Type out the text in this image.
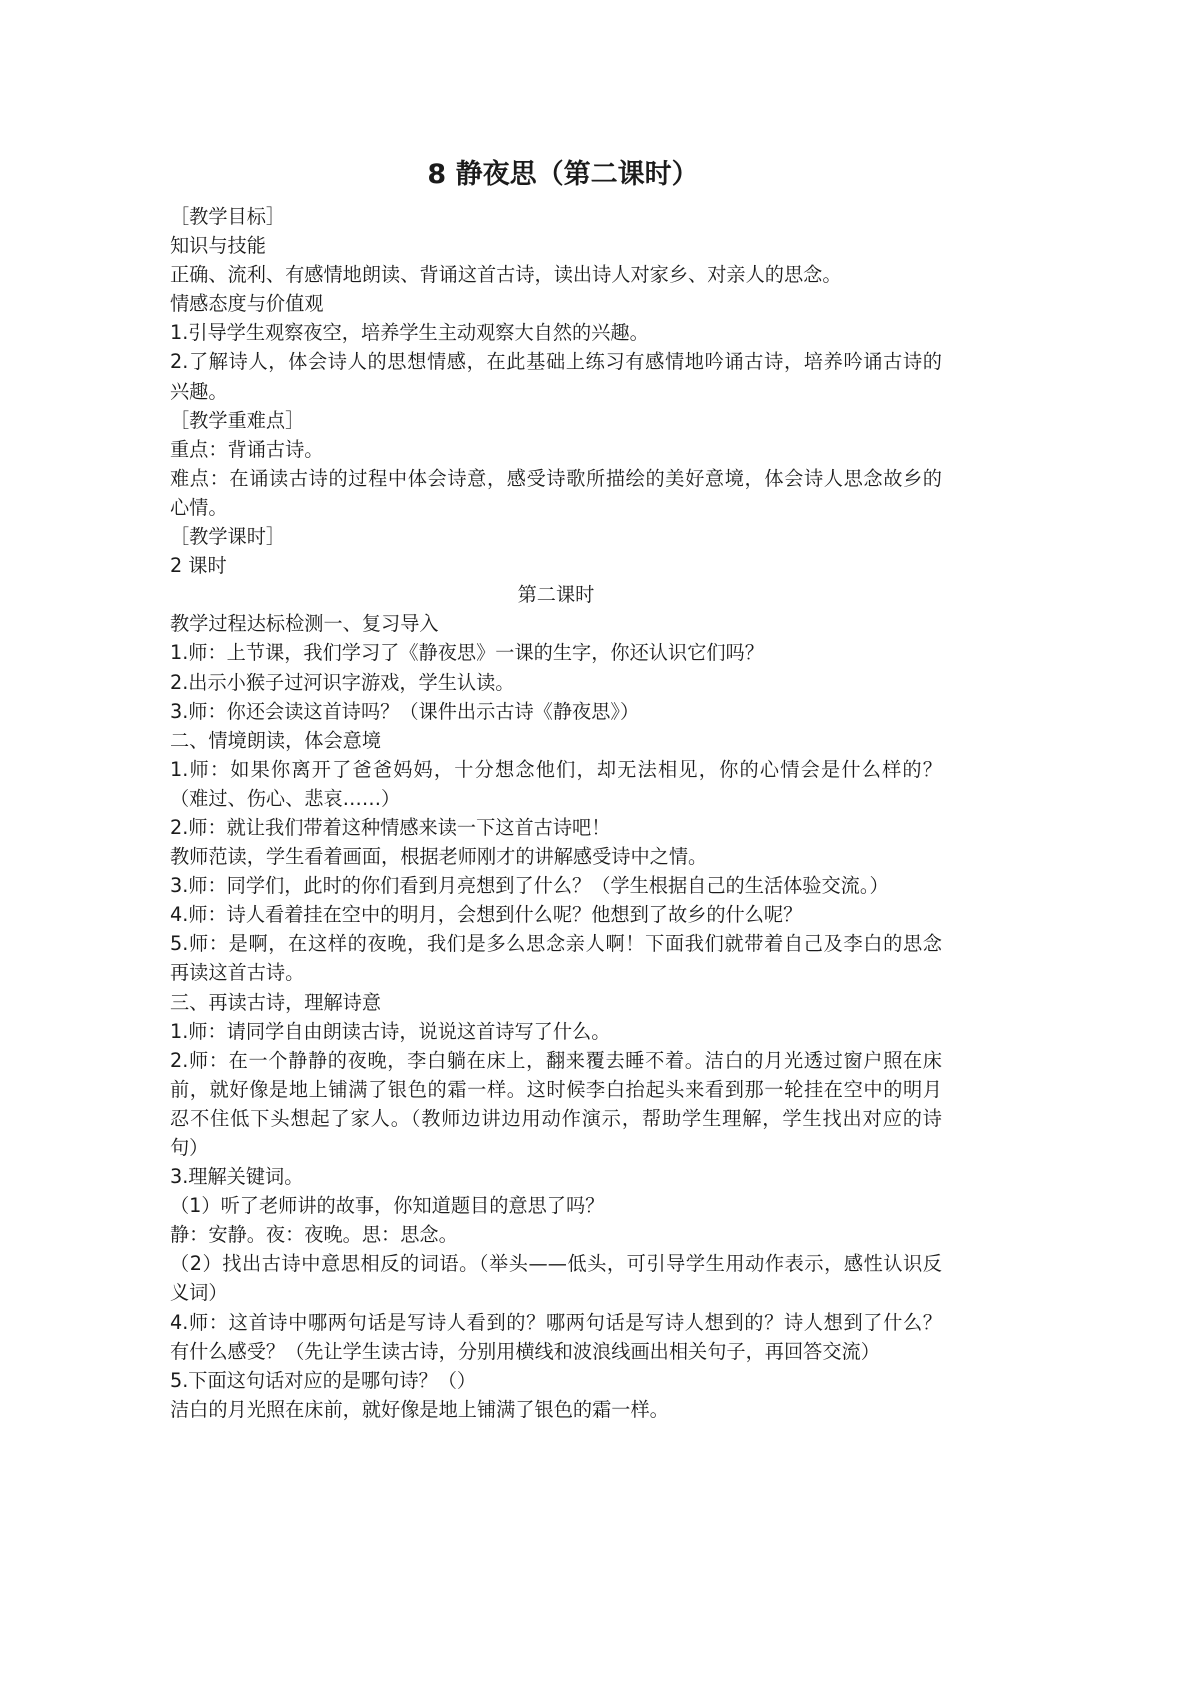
8 静夜思（第二课时）
［教学目标］
知识与技能
正确、流利、有感情地朗读、背诵这首古诗，读出诗人对家乡、对亲人的思念。
情感态度与价值观
1.引导学生观察夜空，培养学生主动观察大自然的兴趣。
2.了解诗人，体会诗人的思想情感，在此基础上练习有感情地吟诵古诗，培养吟诵古诗的
兴趣。
［教学重难点］
重点：背诵古诗。
难点：在诵读古诗的过程中体会诗意，感受诗歌所描绘的美好意境，体会诗人思念故乡的
心情。
［教学课时］
2 课时
第二课时
教学过程达标检测一、复习导入
1.师：上节课，我们学习了《静夜思》一课的生字，你还认识它们吗？
2.出示小猴子过河识字游戏，学生认读。
3.师：你还会读这首诗吗？（课件出示古诗《静夜思》）
二、情境朗读，体会意境
1.师：如果你离开了爸爸妈妈，十分想念他们，却无法相见，你的心情会是什么样的？
（难过、伤心、悲哀……）
2.师：就让我们带着这种情感来读一下这首古诗吧！
教师范读，学生看着画面，根据老师刚才的讲解感受诗中之情。
3.师：同学们，此时的你们看到月亮想到了什么？（学生根据自己的生活体验交流。）
4.师：诗人看着挂在空中的明月，会想到什么呢？他想到了故乡的什么呢？
5.师：是啊，在这样的夜晚，我们是多么思念亲人啊！下面我们就带着自己及李白的思念
再读这首古诗。
三、再读古诗，理解诗意
1.师：请同学自由朗读古诗，说说这首诗写了什么。
2.师：在一个静静的夜晚，李白躺在床上，翻来覆去睡不着。洁白的月光透过窗户照在床
前，就好像是地上铺满了银色的霜一样。这时候李白抬起头来看到那一轮挂在空中的明月
忍不住低下头想起了家人。（教师边讲边用动作演示，帮助学生理解，学生找出对应的诗
句）
3.理解关键词。
（1）听了老师讲的故事，你知道题目的意思了吗？
静：安静。夜：夜晚。思：思念。
（2）找出古诗中意思相反的词语。（举头——低头，可引导学生用动作表示，感性认识反
义词）
4.师：这首诗中哪两句话是写诗人看到的？哪两句话是写诗人想到的？诗人想到了什么？
有什么感受？（先让学生读古诗，分别用横线和波浪线画出相关句子，再回答交流）
5.下面这句话对应的是哪句诗？（）
洁白的月光照在床前，就好像是地上铺满了银色的霜一样。
